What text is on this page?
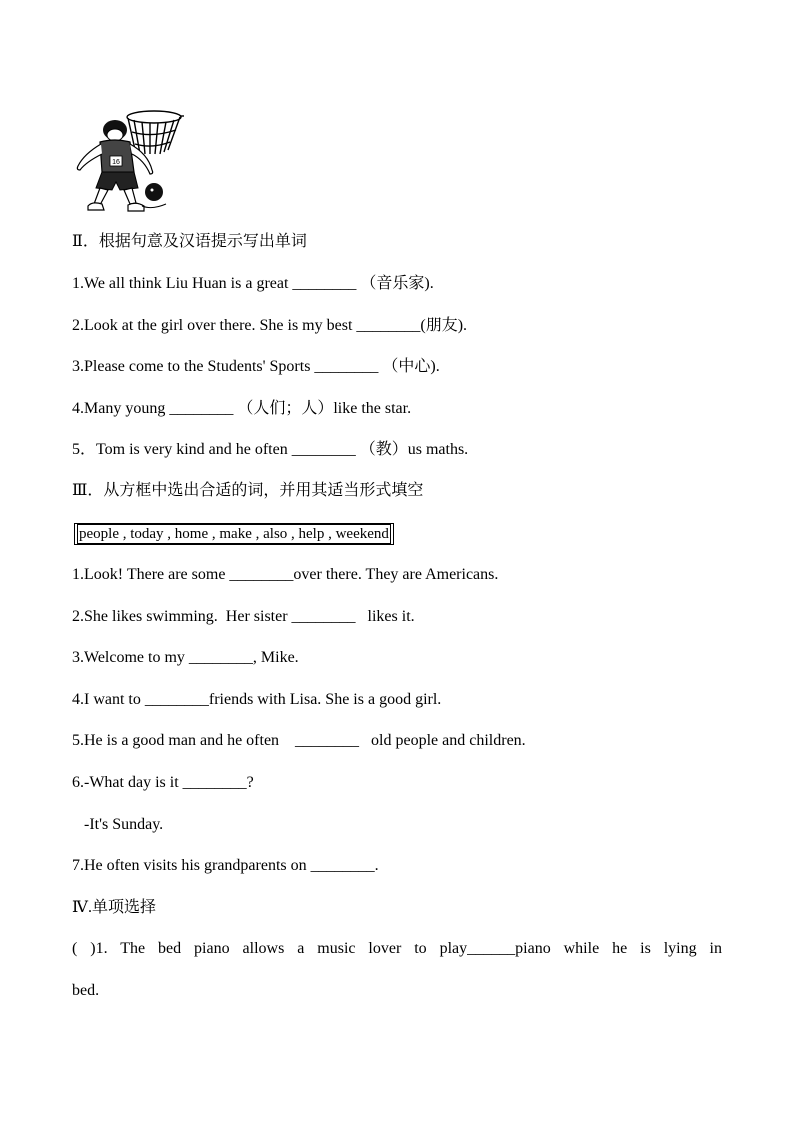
16
Ⅱ．根据句意及汉语提示写出单词
1.We all think Liu Huan is a great ________ （音乐家).
2.Look at the girl over there. She is my best ________(朋友).
3.Please come to the Students' Sports ________ （中心).
4.Many young ________ （人们；人）like the star.
5．Tom is very kind and he often ________ （教）us maths.
Ⅲ．从方框中选出合适的词，并用其适当形式填空
people , today , home , make , also , help , weekend
1.Look! There are some ________over there. They are Americans.
2.She likes swimming.  Her sister ________   likes it.
3.Welcome to my ________, Mike.
4.I want to ________friends with Lisa. She is a good girl.
5.He is a good man and he often    ________   old people and children.
6.-What day is it ________?
-It's Sunday.
7.He often visits his grandparents on ________.
Ⅳ.单项选择
( )1. The bed piano allows a music lover to play______piano while he is lying in
bed.
